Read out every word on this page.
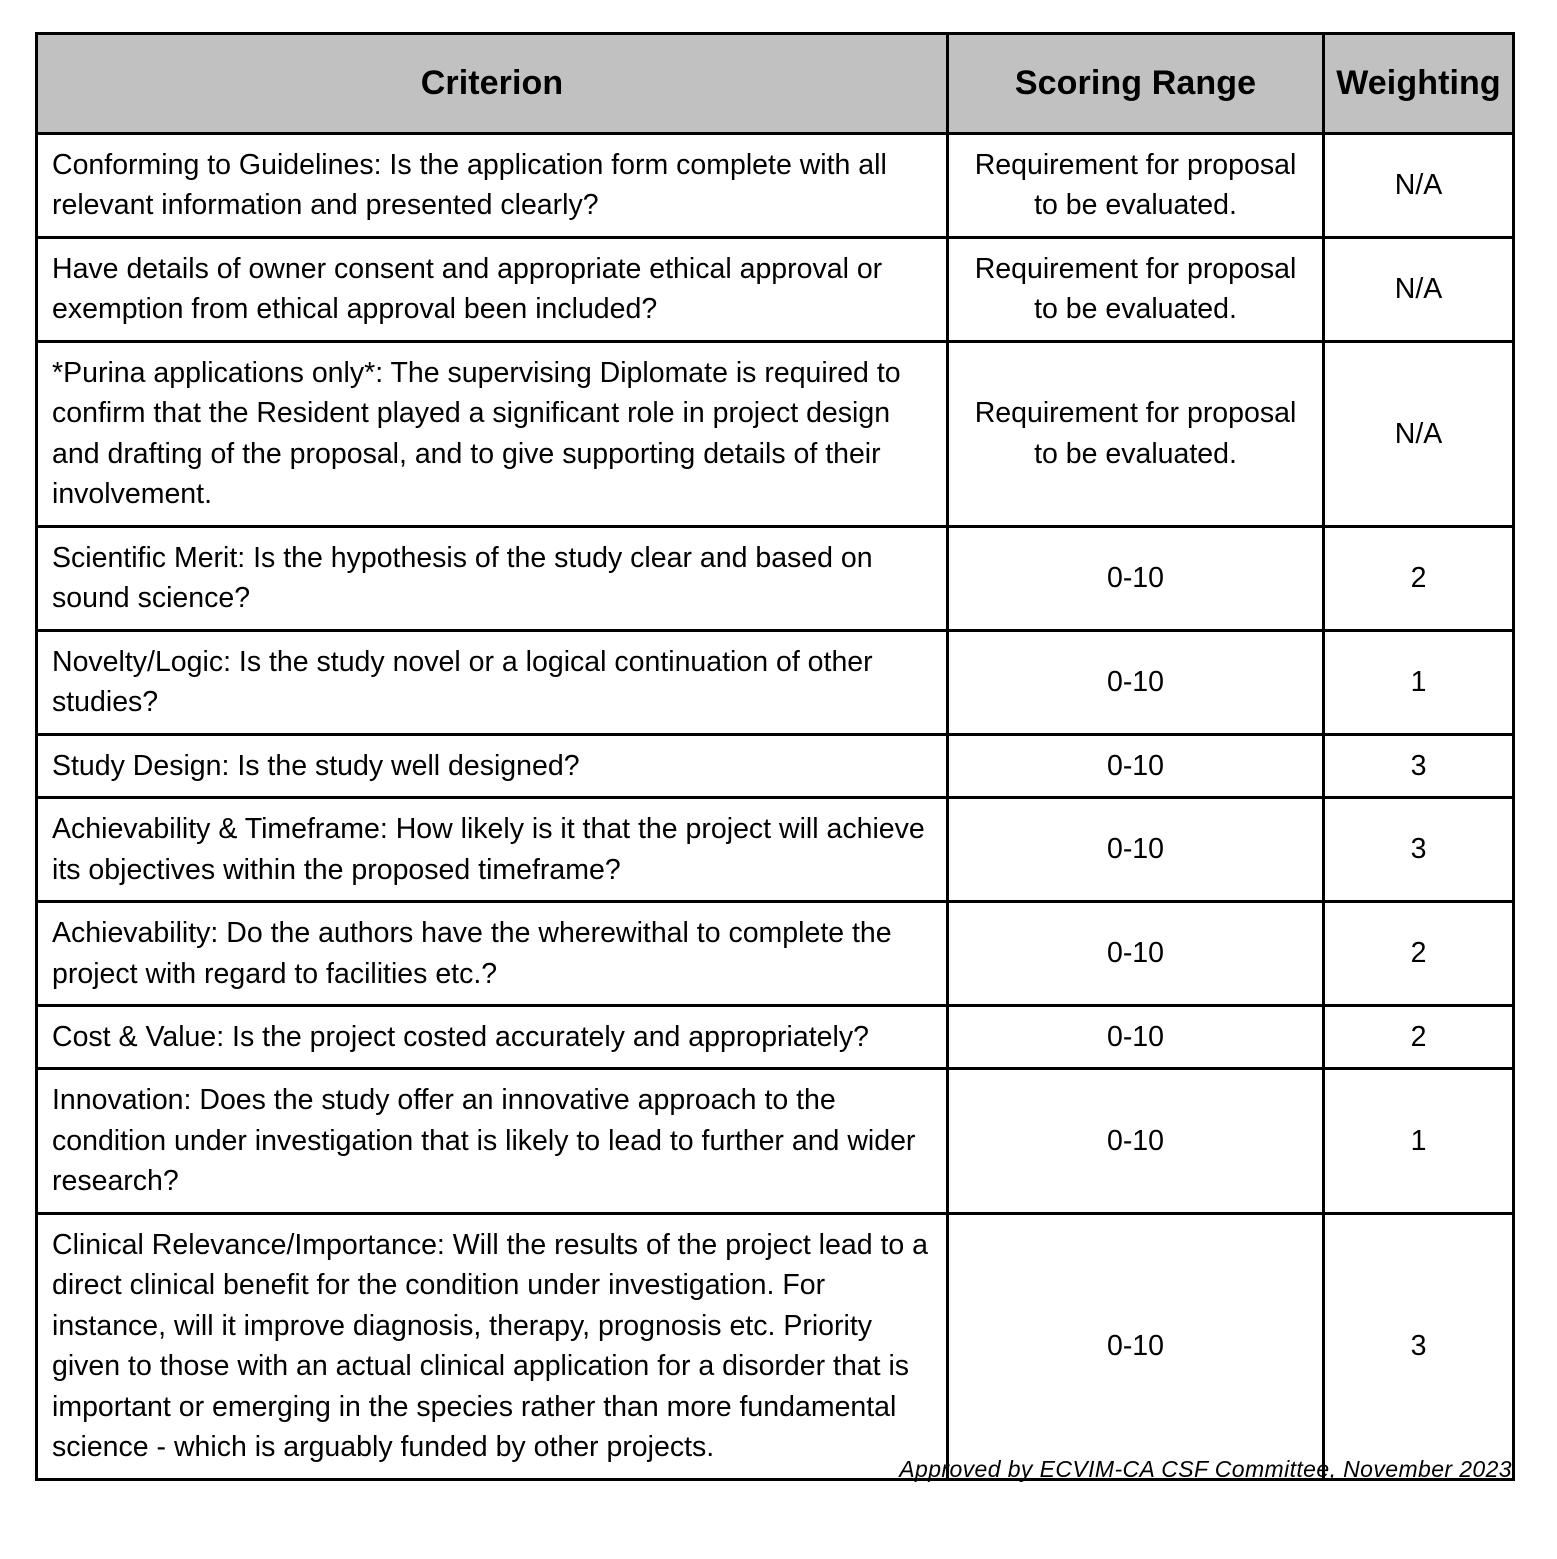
Criterion	Scoring Range	Weighting

Conforming to Guidelines: Is the application form complete with all relevant information and presented clearly?	Requirement for proposal to be evaluated.	N/A

Have details of owner consent and appropriate ethical approval or exemption from ethical approval been included?	Requirement for proposal to be evaluated.	N/A

*Purina applications only*: The supervising Diplomate is required to confirm that the Resident played a significant role in project design and drafting of the proposal, and to give supporting details of their involvement.	Requirement for proposal to be evaluated.	N/A

Scientific Merit: Is the hypothesis of the study clear and based on sound science?	0-10	2

Novelty/Logic: Is the study novel or a logical continuation of other studies?	0-10	1

Study Design: Is the study well designed?	0-10	3

Achievability & Timeframe: How likely is it that the project will achieve its objectives within the proposed timeframe?	0-10	3

Achievability: Do the authors have the wherewithal to complete the project with regard to facilities etc.?	0-10	2

Cost & Value: Is the project costed accurately and appropriately?	0-10	2

Innovation: Does the study offer an innovative approach to the condition under investigation that is likely to lead to further and wider research?	0-10	1

Clinical Relevance/Importance: Will the results of the project lead to a direct clinical benefit for the condition under investigation. For instance, will it improve diagnosis, therapy, prognosis etc. Priority given to those with an actual clinical application for a disorder that is important or emerging in the species rather than more fundamental science - which is arguably funded by other projects.	0-10	3
Approved by ECVIM-CA CSF Committee, November 2023
